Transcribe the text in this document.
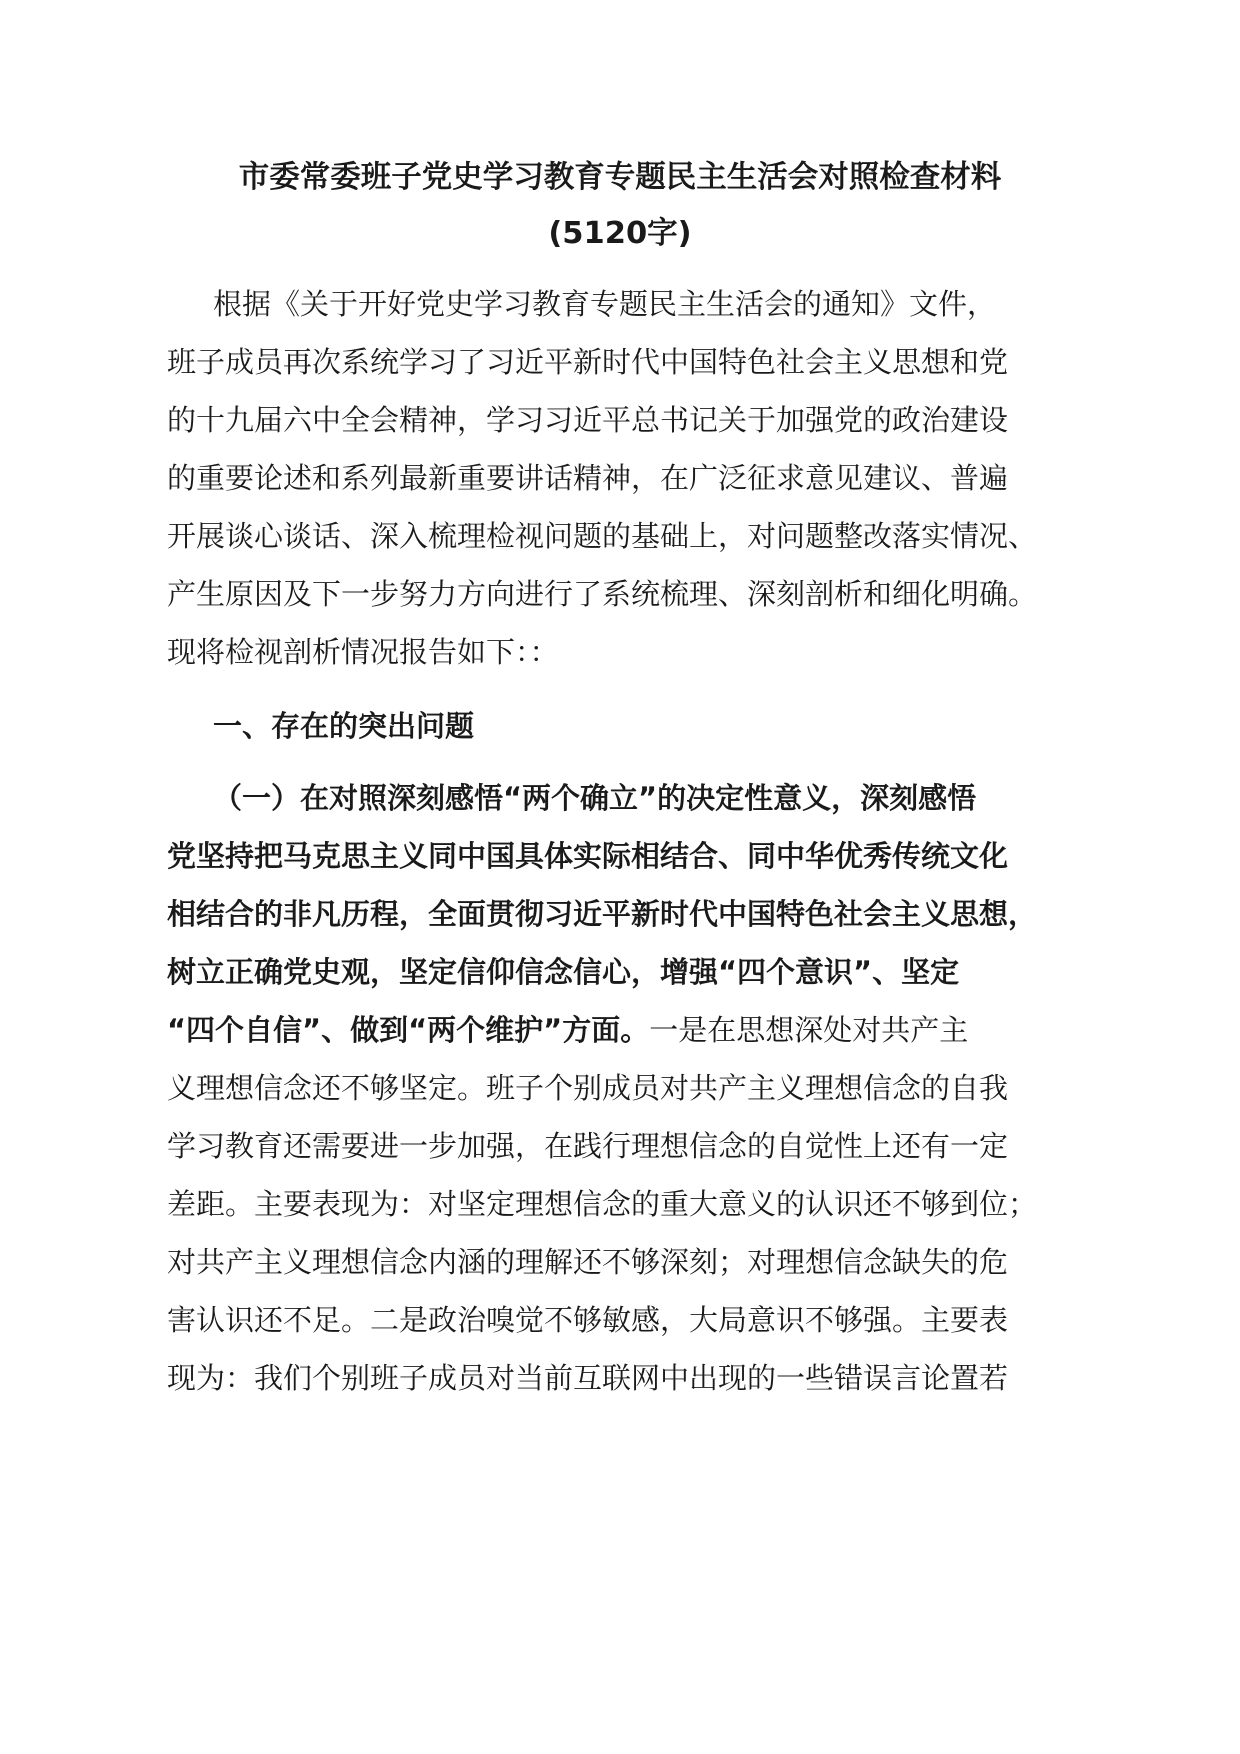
市委常委班子党史学习教育专题民主生活会对照检查材料
(5120字)
根据《关于开好党史学习教育专题民主生活会的通知》文件，
班子成员再次系统学习了习近平新时代中国特色社会主义思想和党
的十九届六中全会精神，学习习近平总书记关于加强党的政治建设
的重要论述和系列最新重要讲话精神，在广泛征求意见建议、普遍
开展谈心谈话、深入梳理检视问题的基础上，对问题整改落实情况、
产生原因及下一步努力方向进行了系统梳理、深刻剖析和细化明确。
现将检视剖析情况报告如下：：
一、存在的突出问题
（一）在对照深刻感悟“两个确立”的决定性意义，深刻感悟
党坚持把马克思主义同中国具体实际相结合、同中华优秀传统文化
相结合的非凡历程，全面贯彻习近平新时代中国特色社会主义思想，
树立正确党史观，坚定信仰信念信心，增强“四个意识”、坚定
“四个自信”、做到“两个维护”方面。一是在思想深处对共产主
义理想信念还不够坚定。班子个别成员对共产主义理想信念的自我
学习教育还需要进一步加强，在践行理想信念的自觉性上还有一定
差距。主要表现为：对坚定理想信念的重大意义的认识还不够到位；
对共产主义理想信念内涵的理解还不够深刻；对理想信念缺失的危
害认识还不足。二是政治嗅觉不够敏感，大局意识不够强。主要表
现为：我们个别班子成员对当前互联网中出现的一些错误言论置若
